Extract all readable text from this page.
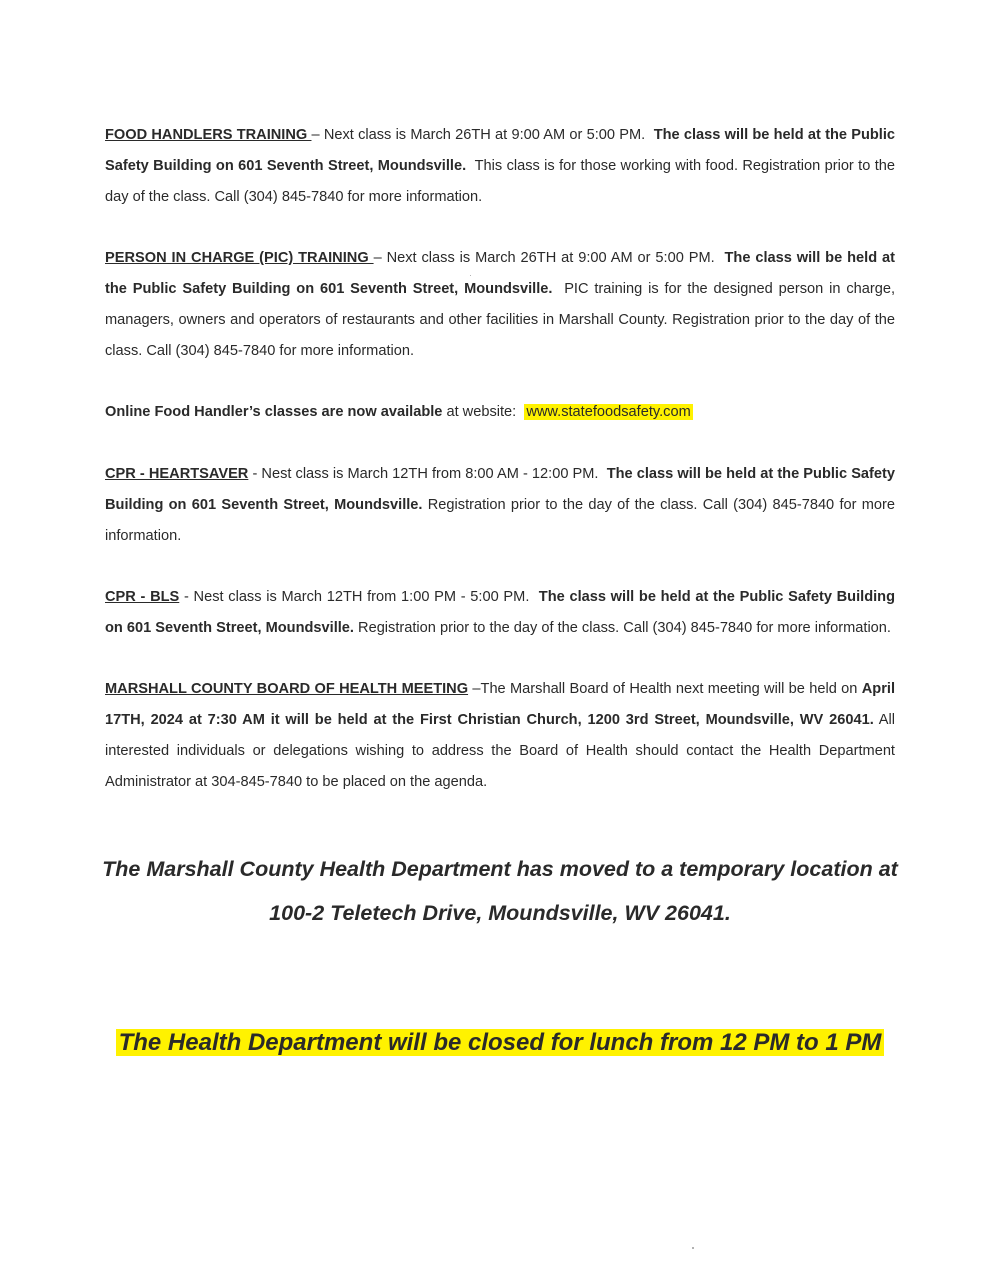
FOOD HANDLERS TRAINING – Next class is March 26TH at 9:00 AM or 5:00 PM. The class will be held at the Public Safety Building on 601 Seventh Street, Moundsville. This class is for those working with food. Registration prior to the day of the class. Call (304) 845-7840 for more information.

PERSON IN CHARGE (PIC) TRAINING – Next class is March 26TH at 9:00 AM or 5:00 PM. The class will be held at the Public Safety Building on 601 Seventh Street, Moundsville. PIC training is for the designed person in charge, managers, owners and operators of restaurants and other facilities in Marshall County. Registration prior to the day of the class. Call (304) 845-7840 for more information.

Online Food Handler’s classes are now available at website:  www.statefoodsafety.com

CPR - HEARTSAVER - Nest class is March 12TH from 8:00 AM - 12:00 PM. The class will be held at the Public Safety Building on 601 Seventh Street, Moundsville. Registration prior to the day of the class. Call (304) 845-7840 for more information.

CPR - BLS - Nest class is March 12TH from 1:00 PM - 5:00 PM. The class will be held at the Public Safety Building on 601 Seventh Street, Moundsville. Registration prior to the day of the class. Call (304) 845-7840 for more information.

MARSHALL COUNTY BOARD OF HEALTH MEETING –The Marshall Board of Health next meeting will be held on April 17TH, 2024 at 7:30 AM it will be held at the First Christian Church, 1200 3rd Street, Moundsville, WV 26041. All interested individuals or delegations wishing to address the Board of Health should contact the Health Department Administrator at 304-845-7840 to be placed on the agenda.

The Marshall County Health Department has moved to a temporary location at
100-2 Teletech Drive, Moundsville, WV 26041.
The Health Department will be closed for lunch from 12 PM to 1 PM
